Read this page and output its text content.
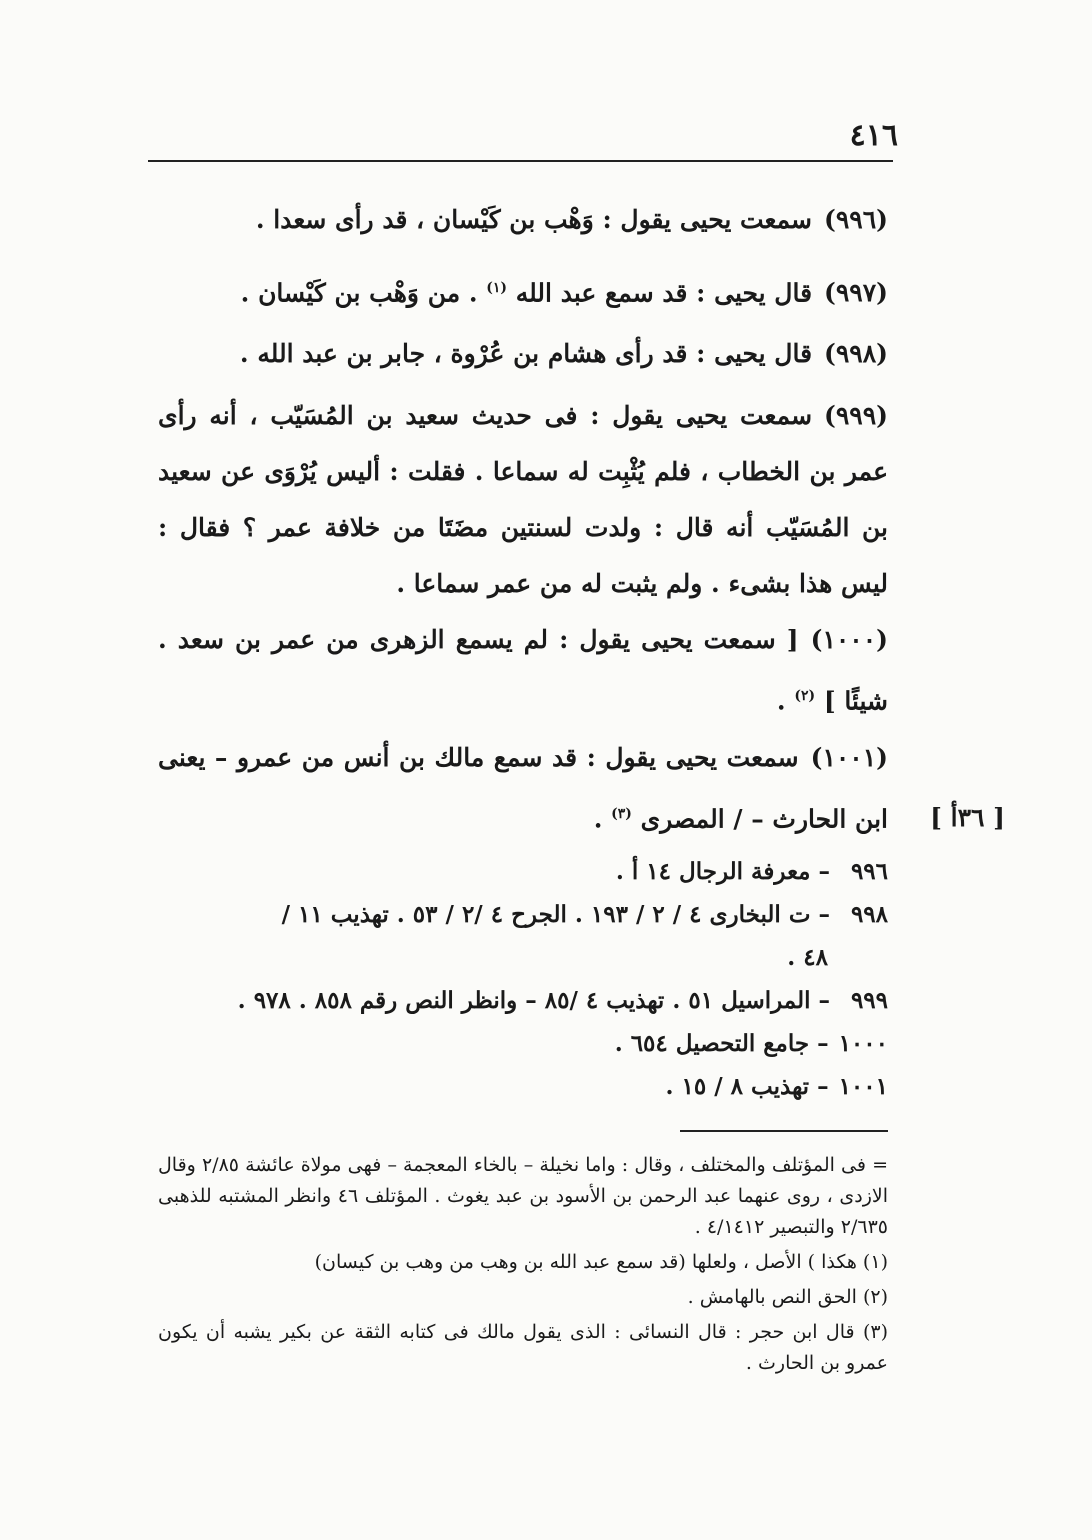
٤١٦
(٩٩٦)سمعت يحيى يقول : وَهْب بن كَيْسان ، قد رأى سعدا .
(٩٩٧)قال يحيى : قد سمع عبد الله $^{(١)}$ . من وَهْب بن كَيْسان .
(٩٩٨)قال يحيى : قد رأى هشام بن عُرْوة ، جابر بن عبد الله .
(٩٩٩)سمعت يحيى يقول : فى حديث سعيد بن المُسَيّب ، أنه رأى عمر بن الخطاب ، فلم يُثْبِت له سماعا . فقلت : أليس يُرْوَى عن سعيد بن المُسَيّب أنه قال : ولدت لسنتين مضَتَا من خلافة عمر ؟ فقال : ليس هذا بشىء . ولم يثبت له من عمر سماعا .
(١٠٠٠)[ سمعت يحيى يقول : لم يسمع الزهرى من عمر بن سعد . شيئًا ] $^{(٢)}$ .
(١٠٠١)سمعت يحيى يقول : قد سمع مالك بن أنس من عمرو – يعنى ابن الحارث – / المصرى $^{(٣)}$ .	[ ٣٦أ ]
٩٩٦– معرفة الرجال ١٤ أ .
٩٩٨– ت البخارى ٤ / ٢ / ١٩٣ . الجرح ٤ /٢ / ٥٣ . تهذيب ١١ /
٤٨ .
٩٩٩– المراسيل ٥١ . تهذيب ٤ /٨٥ – وانظر النص رقم ٨٥٨ . ٩٧٨ .
١٠٠٠– جامع التحصيل ٦٥٤ .
١٠٠١– تهذيب ٨ / ١٥ .
= فى المؤتلف والمختلف ، وقال : واما نخيلة – بالخاء المعجمة – فهى مولاة عائشة ٢/٨٥ وقال الازدى ، روى عنهما عبد الرحمن بن الأسود بن عبد يغوث . المؤتلف ٤٦ وانظر المشتبه للذهبى ٢/٦٣٥ والتبصير ٤/١٤١٢ .
(١) هكذا ) الأصل ، ولعلها (قد سمع عبد الله بن وهب من وهب بن كيسان)
(٢) الحق النص بالهامش .
(٣) قال ابن حجر : قال النسائى : الذى يقول مالك فى كتابه الثقة عن بكير يشبه أن يكون عمرو بن الحارث .
